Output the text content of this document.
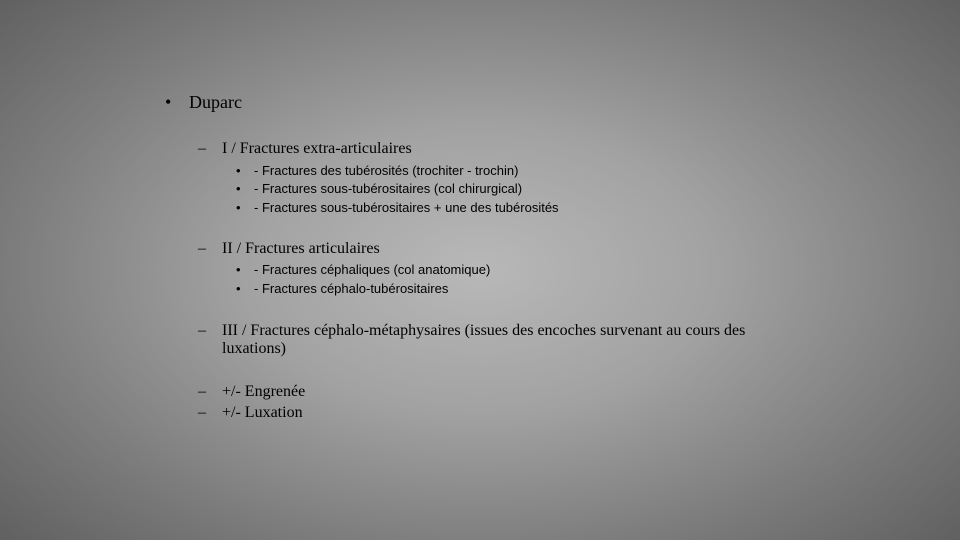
• Duparc
– I / Fractures extra-articulaires
• - Fractures des tubérosités (trochiter - trochin)
• - Fractures sous-tubérositaires (col chirurgical)
• - Fractures sous-tubérositaires + une des tubérosités
– II / Fractures articulaires
• - Fractures céphaliques (col anatomique)
• - Fractures céphalo-tubérositaires
– III / Fractures céphalo-métaphysaires (issues des encoches survenant au cours des luxations)
– +/- Engrenée
– +/- Luxation
